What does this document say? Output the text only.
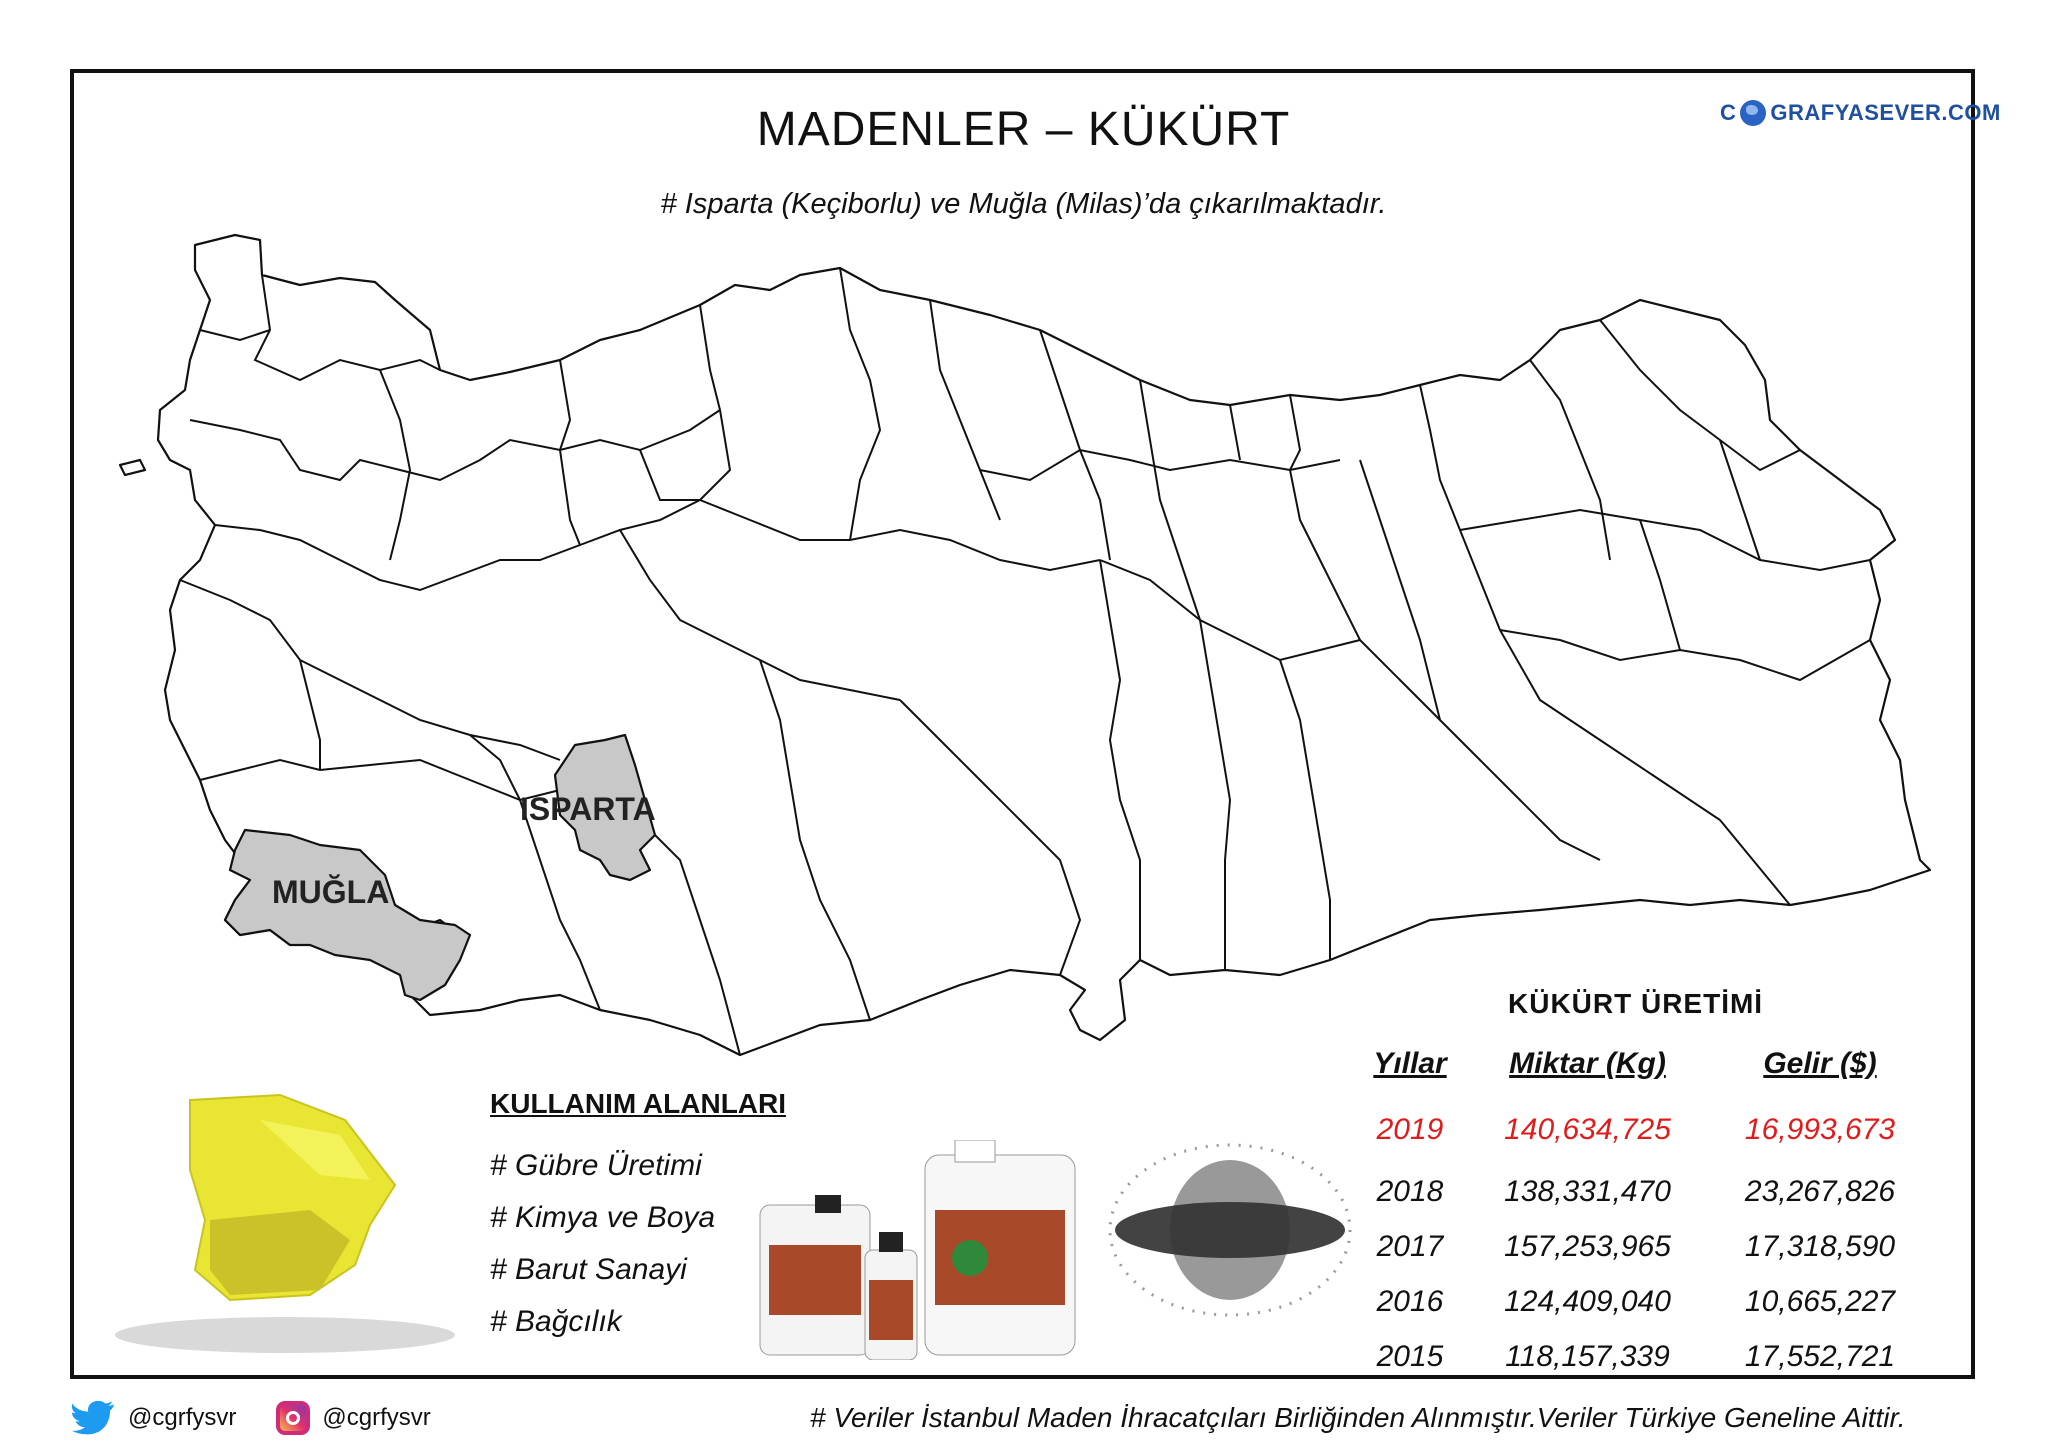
MADENLER – KÜKÜRT
# Isparta (Keçiborlu) ve Muğla (Milas)’da çıkarılmaktadır.
C GRAFYASEVER.COM
ISPARTA
MUĞLA
KULLANIM ALANLARI
# Gübre Üretimi
# Kimya ve Boya
# Barut Sanayi
# Bağcılık
KÜKÜRT ÜRETİMİ
Yıllar	Miktar (Kg)	Gelir ($)
2019	140,634,725	16,993,673
2018	138,331,470	23,267,826
2017	157,253,965	17,318,590
2016	124,409,040	10,665,227
2015	118,157,339	17,552,721
@cgrfysvr	@cgrfysvr	# Veriler İstanbul Maden İhracatçıları Birliğinden Alınmıştır.Veriler Türkiye Geneline Aittir.
